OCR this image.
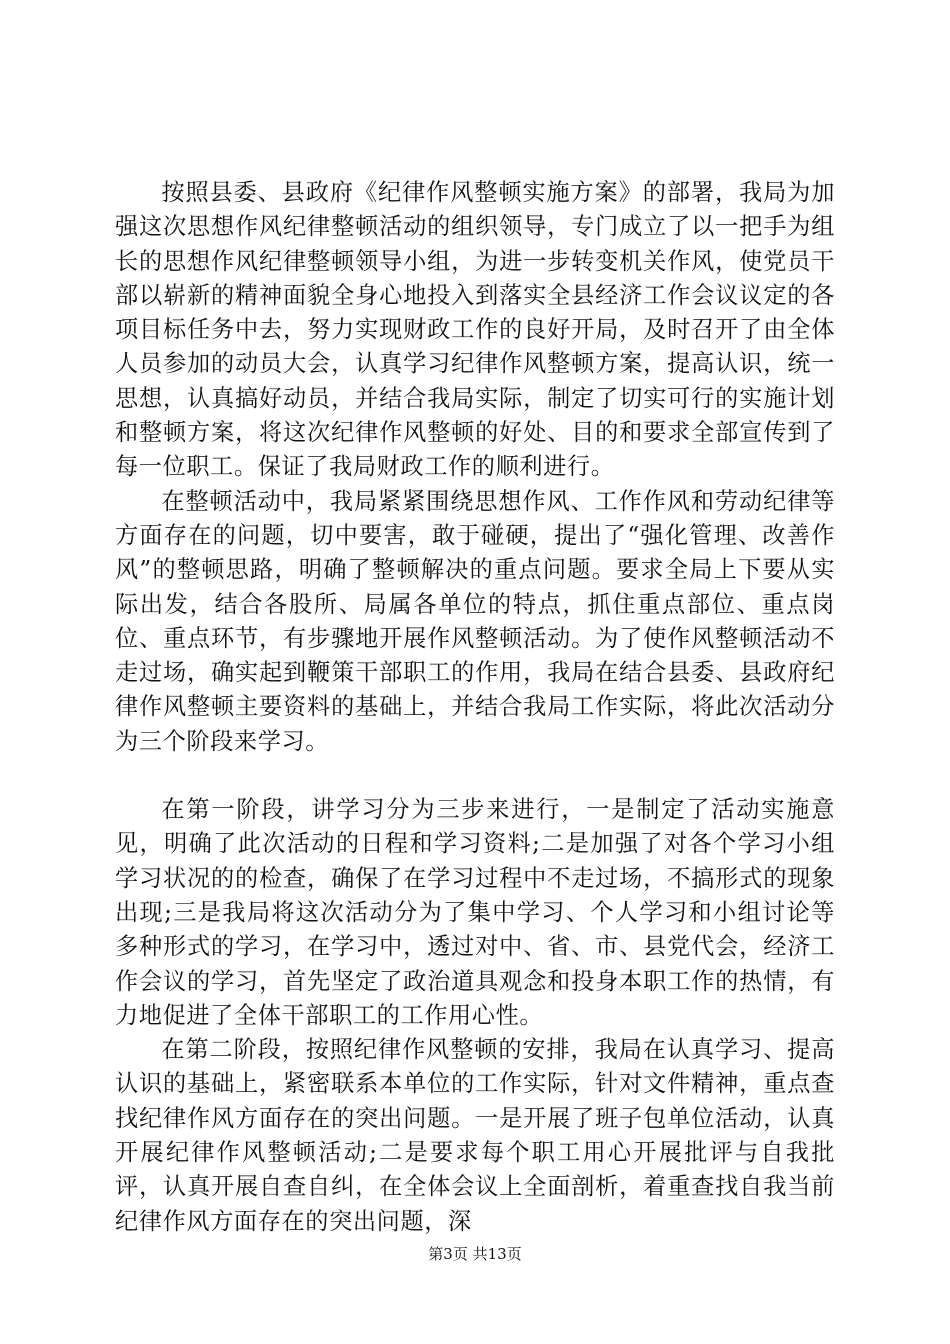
按照县委、县政府《纪律作风整顿实施方案》的部署，我局为加强这次思想作风纪律整顿活动的组织领导，专门成立了以一把手为组长的思想作风纪律整顿领导小组，为进一步转变机关作风，使党员干部以崭新的精神面貌全身心地投入到落实全县经济工作会议议定的各项目标任务中去，努力实现财政工作的良好开局，及时召开了由全体人员参加的动员大会，认真学习纪律作风整顿方案，提高认识，统一思想，认真搞好动员，并结合我局实际，制定了切实可行的实施计划和整顿方案，将这次纪律作风整顿的好处、目的和要求全部宣传到了每一位职工。保证了我局财政工作的顺利进行。

在整顿活动中，我局紧紧围绕思想作风、工作作风和劳动纪律等方面存在的问题，切中要害，敢于碰硬，提出了“强化管理、改善作风”的整顿思路，明确了整顿解决的重点问题。要求全局上下要从实际出发，结合各股所、局属各单位的特点，抓住重点部位、重点岗位、重点环节，有步骤地开展作风整顿活动。为了使作风整顿活动不走过场，确实起到鞭策干部职工的作用，我局在结合县委、县政府纪律作风整顿主要资料的基础上，并结合我局工作实际，将此次活动分为三个阶段来学习。

在第一阶段，讲学习分为三步来进行，一是制定了活动实施意见，明确了此次活动的日程和学习资料;二是加强了对各个学习小组学习状况的的检查，确保了在学习过程中不走过场，不搞形式的现象出现;三是我局将这次活动分为了集中学习、个人学习和小组讨论等多种形式的学习，在学习中，透过对中、省、市、县党代会，经济工作会议的学习，首先坚定了政治道具观念和投身本职工作的热情，有力地促进了全体干部职工的工作用心性。

在第二阶段，按照纪律作风整顿的安排，我局在认真学习、提高认识的基础上，紧密联系本单位的工作实际，针对文件精神，重点查找纪律作风方面存在的突出问题。一是开展了班子包单位活动，认真开展纪律作风整顿活动;二是要求每个职工用心开展批评与自我批评，认真开展自查自纠，在全体会议上全面剖析，着重查找自我当前纪律作风方面存在的突出问题，深

第3页 共13页
